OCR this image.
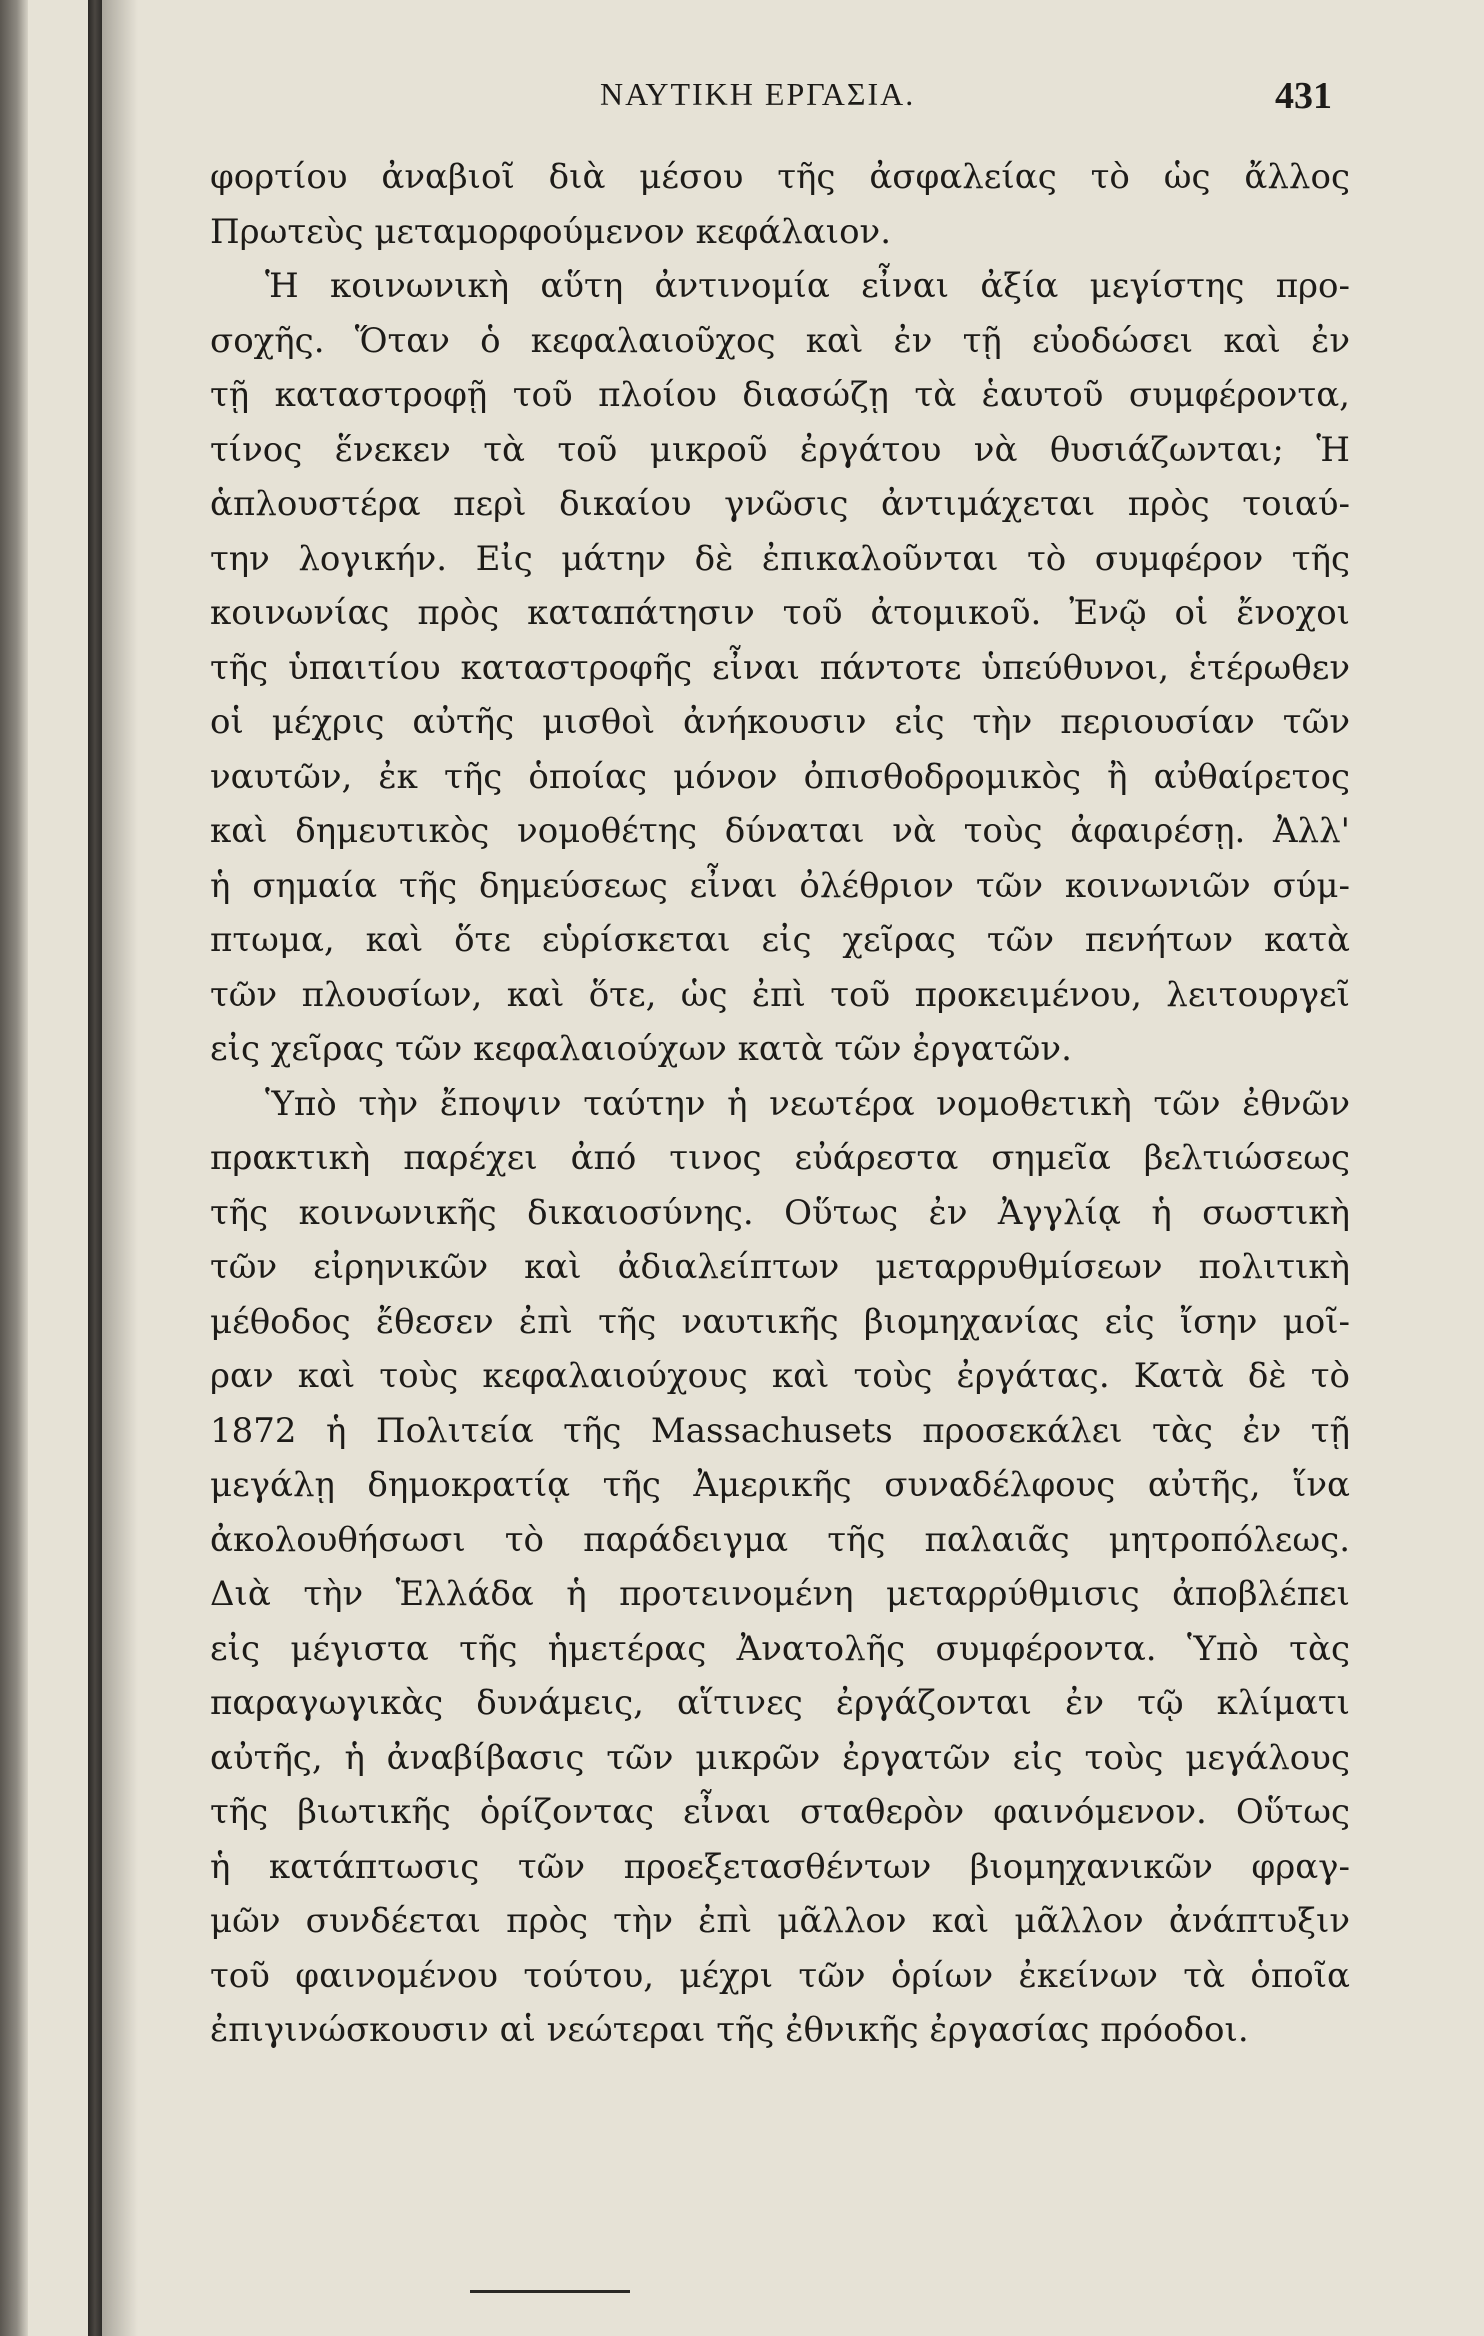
ΝΑΥΤΙΚΗ ΕΡΓΑΣΙΑ.	431
φορτίου ἀναβιοῖ διὰ μέσου τῆς ἀσφαλείας τὸ ὡς ἄλλος
Πρωτεὺς μεταμορφούμενον κεφάλαιον.
Ἡ κοινωνικὴ αὕτη ἀντινομία εἶναι ἀξία μεγίστης προ-
σοχῆς. Ὅταν ὁ κεφαλαιοῦχος καὶ ἐν τῇ εὐοδώσει καὶ ἐν
τῇ καταστροφῇ τοῦ πλοίου διασώζῃ τὰ ἑαυτοῦ συμφέροντα,
τίνος ἕνεκεν τὰ τοῦ μικροῦ ἐργάτου νὰ θυσιάζωνται; Ἡ
ἁπλουστέρα περὶ δικαίου γνῶσις ἀντιμάχεται πρὸς τοιαύ-
την λογικήν. Εἰς μάτην δὲ ἐπικαλοῦνται τὸ συμφέρον τῆς
κοινωνίας πρὸς καταπάτησιν τοῦ ἀτομικοῦ. Ἐνῷ οἱ ἔνοχοι
τῆς ὑπαιτίου καταστροφῆς εἶναι πάντοτε ὑπεύθυνοι, ἑτέρωθεν
οἱ μέχρις αὐτῆς μισθοὶ ἀνήκουσιν εἰς τὴν περιουσίαν τῶν
ναυτῶν, ἐκ τῆς ὁποίας μόνον ὀπισθοδρομικὸς ἢ αὐθαίρετος
καὶ δημευτικὸς νομοθέτης δύναται νὰ τοὺς ἀφαιρέσῃ. Ἀλλ'
ἡ σημαία τῆς δημεύσεως εἶναι ὀλέθριον τῶν κοινωνιῶν σύμ-
πτωμα, καὶ ὅτε εὑρίσκεται εἰς χεῖρας τῶν πενήτων κατὰ
τῶν πλουσίων, καὶ ὅτε, ὡς ἐπὶ τοῦ προκειμένου, λειτουργεῖ
εἰς χεῖρας τῶν κεφαλαιούχων κατὰ τῶν ἐργατῶν.
Ὑπὸ τὴν ἔποψιν ταύτην ἡ νεωτέρα νομοθετικὴ τῶν ἐθνῶν
πρακτικὴ παρέχει ἀπό τινος εὐάρεστα σημεῖα βελτιώσεως
τῆς κοινωνικῆς δικαιοσύνης. Οὕτως ἐν Ἀγγλίᾳ ἡ σωστικὴ
τῶν εἰρηνικῶν καὶ ἀδιαλείπτων μεταρρυθμίσεων πολιτικὴ
μέθοδος ἔθεσεν ἐπὶ τῆς ναυτικῆς βιομηχανίας εἰς ἴσην μοῖ-
ραν καὶ τοὺς κεφαλαιούχους καὶ τοὺς ἐργάτας. Κατὰ δὲ τὸ
1872 ἡ Πολιτεία τῆς Massachusets προσεκάλει τὰς ἐν τῇ
μεγάλῃ δημοκρατίᾳ τῆς Ἀμερικῆς συναδέλφους αὐτῆς, ἵνα
ἀκολουθήσωσι τὸ παράδειγμα τῆς παλαιᾶς μητροπόλεως.
Διὰ τὴν Ἑλλάδα ἡ προτεινομένη μεταρρύθμισις ἀποβλέπει
εἰς μέγιστα τῆς ἡμετέρας Ἀνατολῆς συμφέροντα. Ὑπὸ τὰς
παραγωγικὰς δυνάμεις, αἵτινες ἐργάζονται ἐν τῷ κλίματι
αὐτῆς, ἡ ἀναβίβασις τῶν μικρῶν ἐργατῶν εἰς τοὺς μεγάλους
τῆς βιωτικῆς ὁρίζοντας εἶναι σταθερὸν φαινόμενον. Οὕτως
ἡ κατάπτωσις τῶν προεξετασθέντων βιομηχανικῶν φραγ-
μῶν συνδέεται πρὸς τὴν ἐπὶ μᾶλλον καὶ μᾶλλον ἀνάπτυξιν
τοῦ φαινομένου τούτου, μέχρι τῶν ὁρίων ἐκείνων τὰ ὁποῖα
ἐπιγινώσκουσιν αἱ νεώτεραι τῆς ἐθνικῆς ἐργασίας πρόοδοι.
